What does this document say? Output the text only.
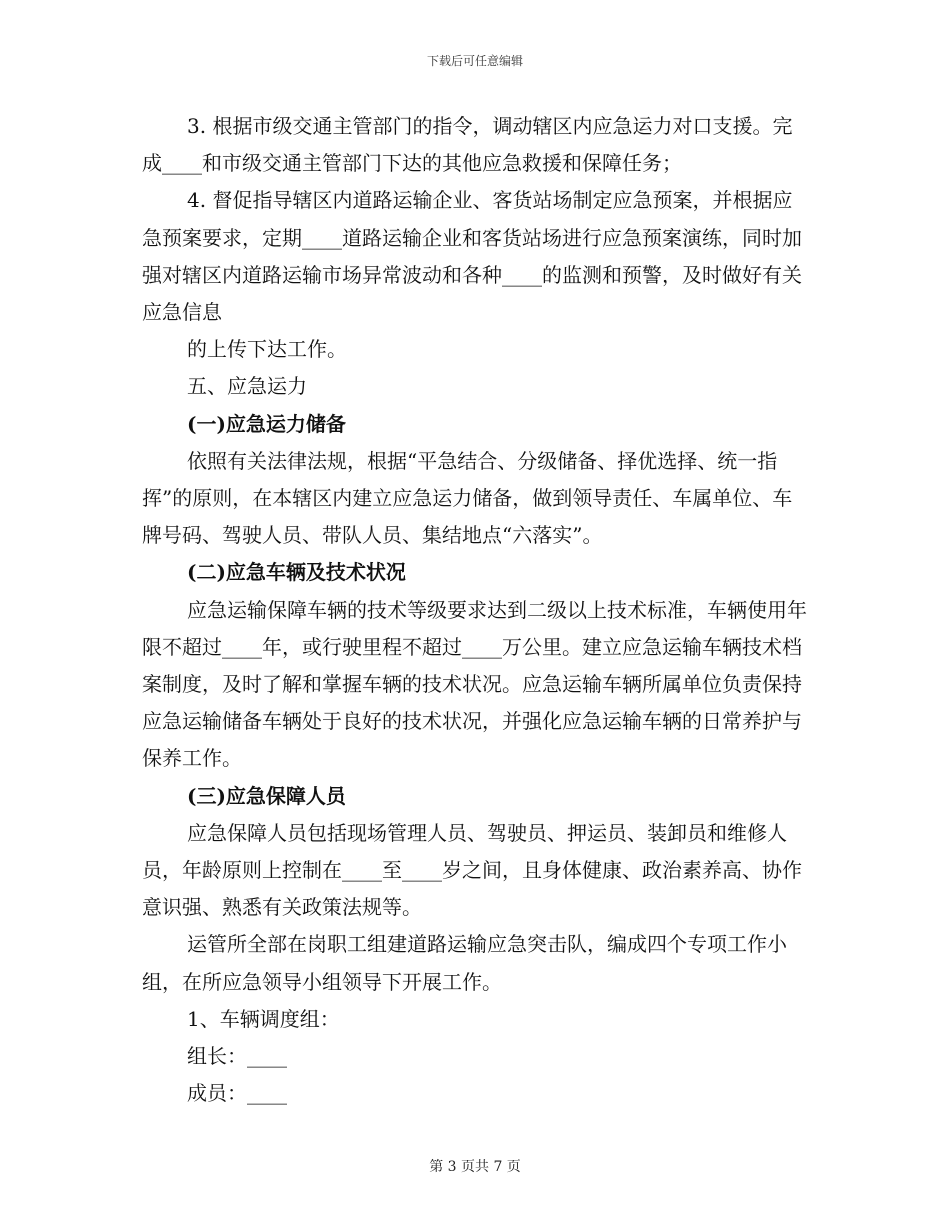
下载后可任意编辑

3. 根据市级交通主管部门的指令，调动辖区内应急运力对口支援。完成____和市级交通主管部门下达的其他应急救援和保障任务；

4. 督促指导辖区内道路运输企业、客货站场制定应急预案，并根据应急预案要求，定期____道路运输企业和客货站场进行应急预案演练，同时加强对辖区内道路运输市场异常波动和各种____的监测和预警，及时做好有关应急信息

的上传下达工作。

五、应急运力

(一)应急运力储备

依照有关法律法规，根据“平急结合、分级储备、择优选择、统一指挥”的原则，在本辖区内建立应急运力储备，做到领导责任、车属单位、车牌号码、驾驶人员、带队人员、集结地点“六落实”。

(二)应急车辆及技术状况

应急运输保障车辆的技术等级要求达到二级以上技术标准，车辆使用年限不超过____年，或行驶里程不超过____万公里。建立应急运输车辆技术档案制度，及时了解和掌握车辆的技术状况。应急运输车辆所属单位负责保持应急运输储备车辆处于良好的技术状况，并强化应急运输车辆的日常养护与保养工作。

(三)应急保障人员

应急保障人员包括现场管理人员、驾驶员、押运员、装卸员和维修人员，年龄原则上控制在____至____岁之间，且身体健康、政治素养高、协作意识强、熟悉有关政策法规等。

运管所全部在岗职工组建道路运输应急突击队，编成四个专项工作小组，在所应急领导小组领导下开展工作。

1、车辆调度组：

组长：____

成员：____

第 3 页共 7 页
